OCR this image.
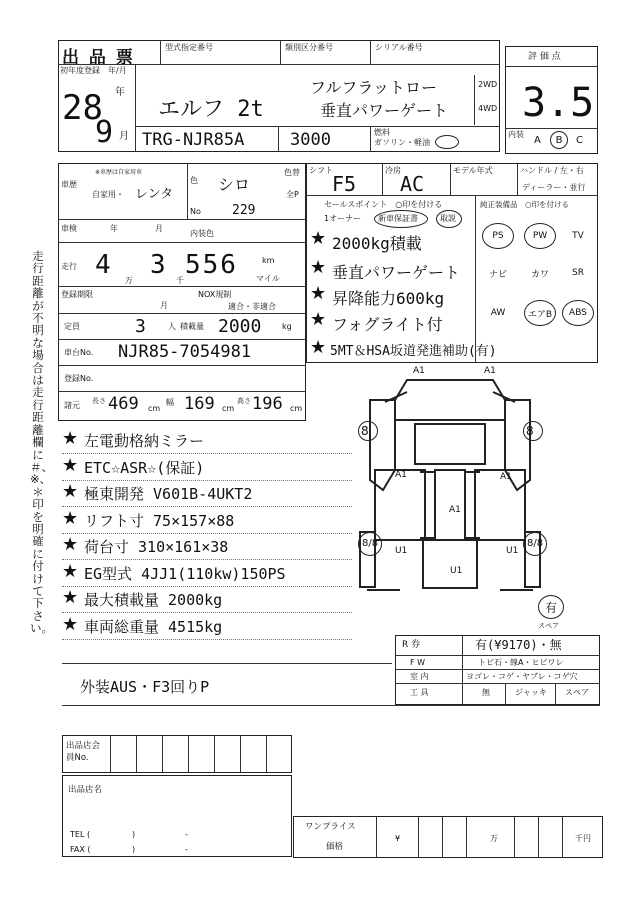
走行距離が不明な場合は走行距離欄に＃、※、＊印を明確に付けて下さい。
出 品 票
型式指定番号	類別区分番号	シリアル番号
初年度登録　年/月
28 年
9 月
エルフ 2t
フルフラットロー
垂直パワーゲート
2WD
4WD
TRG-NJR85A	3000	燃料
ガソリン・軽油
評 価 点
3.5
内装
A	B	C
車歴
※車歴は自家用車
自家用・ レンタ
色 シロ
色替
全P
車検	年	月
No 229
内装色
走行 4
万
3
千
556	km
マイル
登録期限
月
NOX規制
適合・非適合
定員	3	人 積載量 2000	kg
車台No. NJR85-7054981
登録No.
諸元 長さ 469 cm
幅 169 cm
高さ 196 cm
シフト
F5
冷房
AC
モデル年式	ハンドル / 左・右
ディーラー・並行
セールスポイント　○印を付ける
1オーナー 新車保証書	取説
★ 2000kg積載
★ 垂直パワーゲート
★ 昇降能力600kg
★ フォグライト付
★ 5MT＆HSA坂道発進補助(有)
純正装備品　○印を付ける
PS	PW	TV
ナビ	カワ	SR
AW	エアB	ABS
★ 左電動格納ミラー
★ ETC☆ASR☆(保証)
★ 極東開発 V601B-4UKT2
★ リフト寸 75×157×88
★ 荷台寸 310×161×38
★ EG型式 4JJ1(110kw)150PS
★ 最大積載量 2000kg
★ 車両総重量 4515kg
外装AUS・F3回りP
8	8
A1	A1
A1
A1
A1
U1
U1
U1
8/8	8/8
有
スペア
R 券	有(¥9170)・無
F W	トビ石・線A・ヒビワレ
室 内	ヨゴレ・コゲ・ヤブレ・コゲ穴
工 具	無	ジャッキ スペア
出品店会員No.
出品店名
TEL (	)	-
FAX (	)	-
ワンプライス
価格
¥	万	千円
